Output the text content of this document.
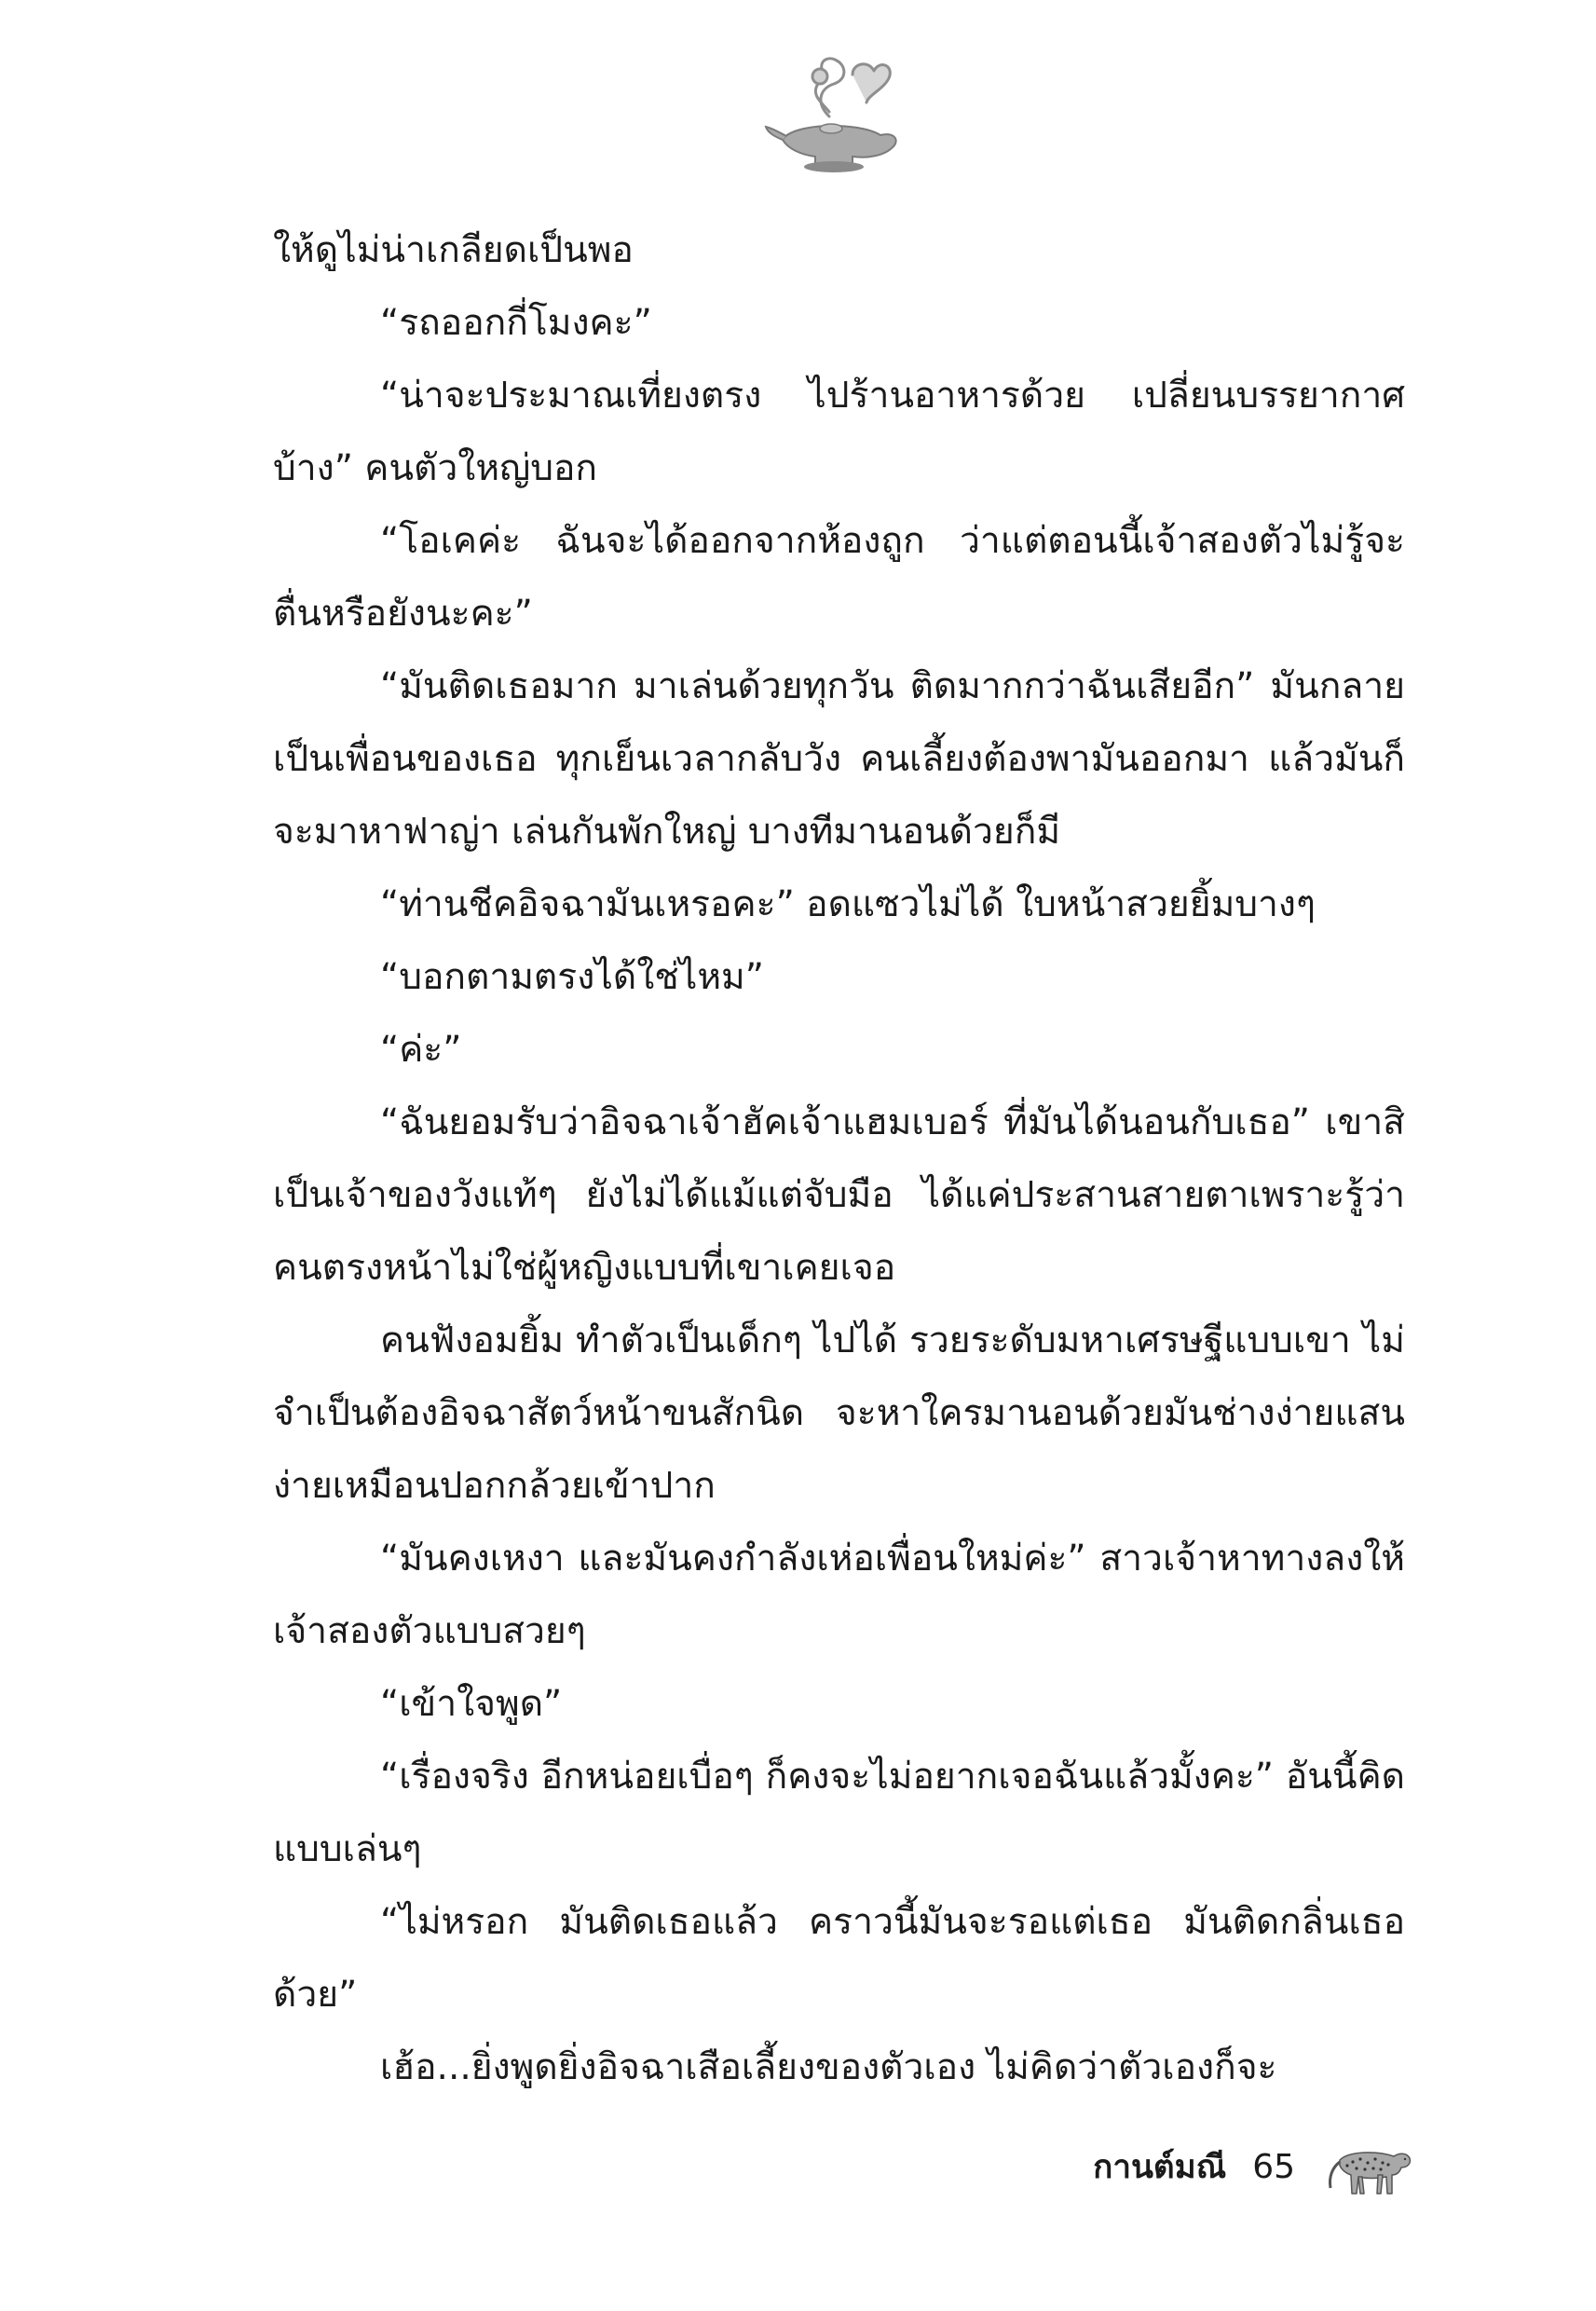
ให้ดูไม่น่าเกลียดเป็นพอ

“รถออกกี่โมงคะ”

“น่าจะประมาณเที่ยงตรง ไปร้านอาหารด้วย เปลี่ยนบรรยากาศบ้าง” คนตัวใหญ่บอก

“โอเคค่ะ ฉันจะได้ออกจากห้องถูก ว่าแต่ตอนนี้เจ้าสองตัวไม่รู้จะตื่นหรือยังนะคะ”

“มันติดเธอมาก มาเล่นด้วยทุกวัน ติดมากกว่าฉันเสียอีก” มันกลายเป็นเพื่อนของเธอ ทุกเย็นเวลากลับวัง คนเลี้ยงต้องพามันออกมา แล้วมันก็จะมาหาฟาญ่า เล่นกันพักใหญ่ บางทีมานอนด้วยก็มี

“ท่านชีคอิจฉามันเหรอคะ” อดแซวไม่ได้ ใบหน้าสวยยิ้มบางๆ

“บอกตามตรงได้ใช่ไหม”

“ค่ะ”

“ฉันยอมรับว่าอิจฉาเจ้าฮัคเจ้าแฮมเบอร์ ที่มันได้นอนกับเธอ” เขาสิ เป็นเจ้าของวังแท้ๆ ยังไม่ได้แม้แต่จับมือ ได้แค่ประสานสายตาเพราะรู้ว่าคนตรงหน้าไม่ใช่ผู้หญิงแบบที่เขาเคยเจอ

คนฟังอมยิ้ม ทำตัวเป็นเด็กๆ ไปได้ รวยระดับมหาเศรษฐีแบบเขา ไม่จำเป็นต้องอิจฉาสัตว์หน้าขนสักนิด จะหาใครมานอนด้วยมันช่างง่ายแสนง่ายเหมือนปอกกล้วยเข้าปาก

“มันคงเหงา และมันคงกำลังเห่อเพื่อนใหม่ค่ะ” สาวเจ้าหาทางลงให้เจ้าสองตัวแบบสวยๆ

“เข้าใจพูด”

“เรื่องจริง อีกหน่อยเบื่อๆ ก็คงจะไม่อยากเจอฉันแล้วมั้งคะ” อันนี้คิดแบบเล่นๆ

“ไม่หรอก มันติดเธอแล้ว คราวนี้มันจะรอแต่เธอ มันติดกลิ่นเธอด้วย”

เฮ้อ...ยิ่งพูดยิ่งอิจฉาเสือเลี้ยงของตัวเอง ไม่คิดว่าตัวเองก็จะ

กานต์มณี 65
